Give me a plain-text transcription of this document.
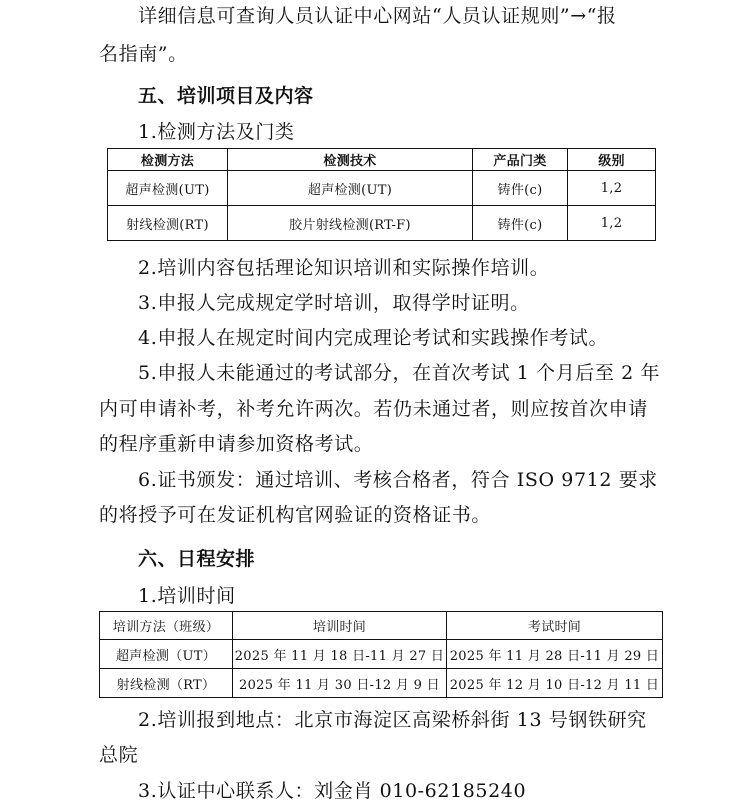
详细信息可查询人员认证中心网站“人员认证规则”→“报
名指南”。
五、培训项目及内容
1.检测方法及门类
检测方法	检测技术	产品门类	级别
超声检测(UT)	超声检测(UT)	铸件(c)	1,2
射线检测(RT)	胶片射线检测(RT-F)	铸件(c)	1,2
2.培训内容包括理论知识培训和实际操作培训。
3.申报人完成规定学时培训，取得学时证明。
4.申报人在规定时间内完成理论考试和实践操作考试。
5.申报人未能通过的考试部分，在首次考试 1 个月后至 2 年
内可申请补考，补考允许两次。若仍未通过者，则应按首次申请
的程序重新申请参加资格考试。
6.证书颁发：通过培训、考核合格者，符合 ISO 9712 要求
的将授予可在发证机构官网验证的资格证书。
六、日程安排
1.培训时间
培训方法（班级）	培训时间	考试时间
超声检测（UT）	2025 年 11 月 18 日-11 月 27 日	2025 年 11 月 28 日-11 月 29 日
射线检测（RT）	2025 年 11 月 30 日-12 月 9 日	2025 年 12 月 10 日-12 月 11 日
2.培训报到地点：北京市海淀区高梁桥斜街 13 号钢铁研究
总院
3.认证中心联系人：刘金肖 010-62185240
